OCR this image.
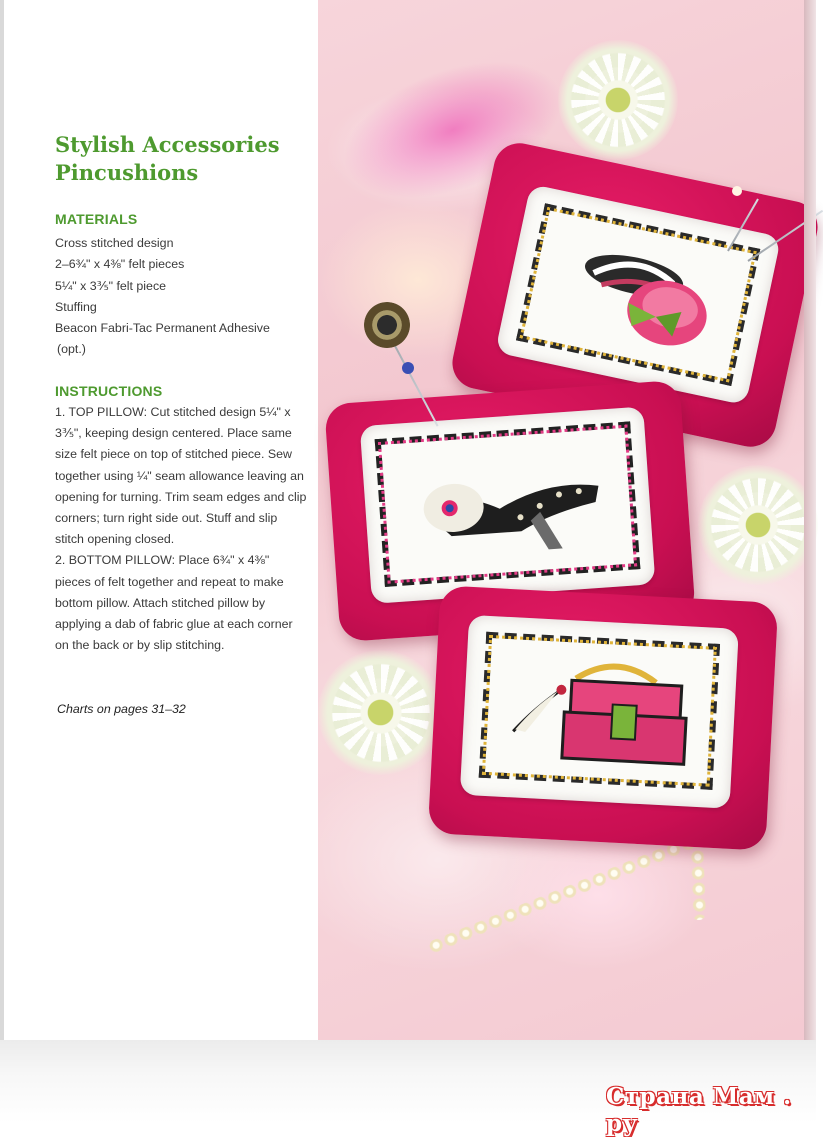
Stylish Accessories
Pincushions
MATERIALS
Cross stitched design
2–6¾" x 4⅜" felt pieces
5¼" x 3⅗" felt piece
Stuffing
Beacon Fabri-Tac Permanent Adhesive
(opt.)
INSTRUCTIONS

1. TOP PILLOW: Cut stitched design 5¼" x 3⅗", keeping design centered. Place same size felt piece on top of stitched piece. Sew together using ¼" seam allowance leaving an opening for turning. Trim seam edges and clip corners; turn right side out. Stuff and slip stitch opening closed.

2. BOTTOM PILLOW: Place 6¾" x 4⅜" pieces of felt together and repeat to make bottom pillow. Attach stitched pillow by applying a dab of fabric glue at each corner on the back or by slip stitching.

Charts on pages 31–32
Страна Мам . ру
